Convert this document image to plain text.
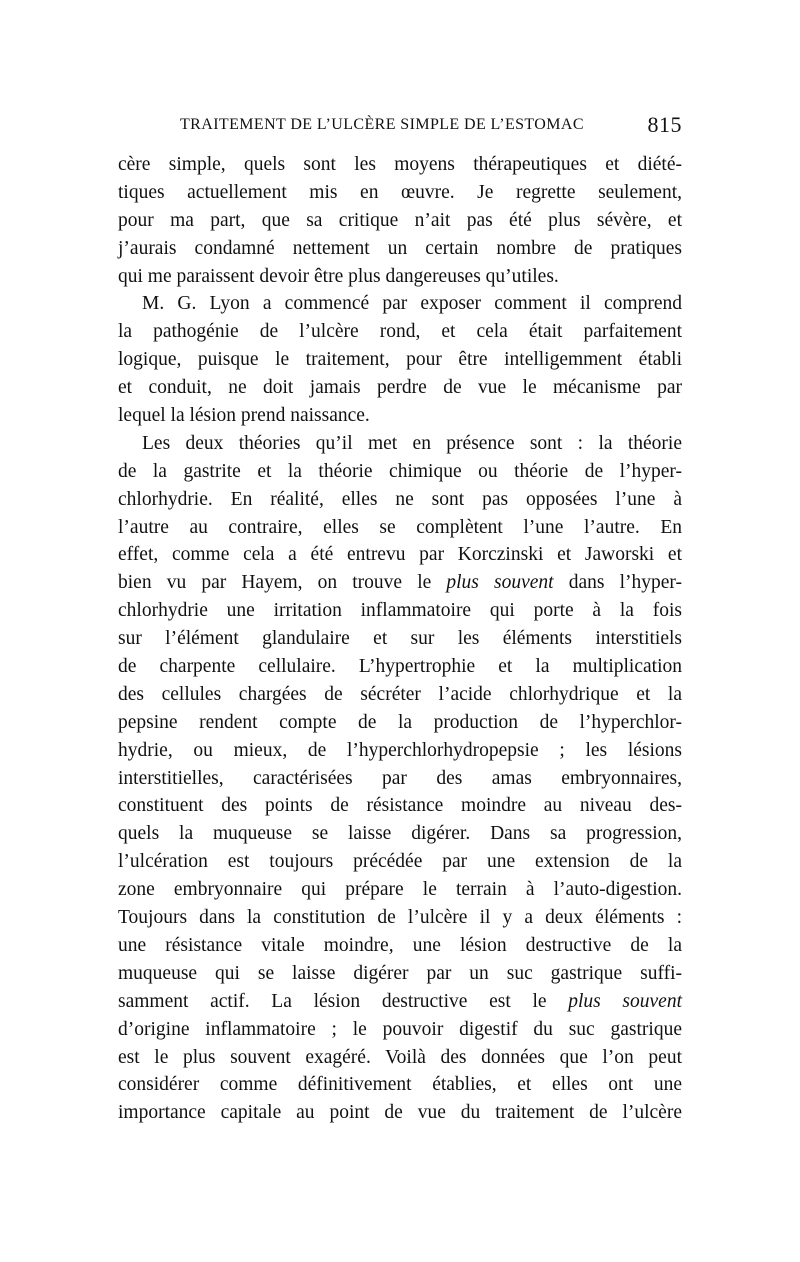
TRAITEMENT DE L’ULCÈRE SIMPLE DE L’ESTOMAC	815
cère simple, quels sont les moyens thérapeutiques et diété-
tiques actuellement mis en œuvre. Je regrette seulement,
pour ma part, que sa critique n’ait pas été plus sévère, et
j’aurais condamné nettement un certain nombre de pratiques
qui me paraissent devoir être plus dangereuses qu’utiles.
M. G. Lyon a commencé par exposer comment il comprend
la pathogénie de l’ulcère rond, et cela était parfaitement
logique, puisque le traitement, pour être intelligemment établi
et conduit, ne doit jamais perdre de vue le mécanisme par
lequel la lésion prend naissance.
Les deux théories qu’il met en présence sont : la théorie
de la gastrite et la théorie chimique ou théorie de l’hyper-
chlorhydrie. En réalité, elles ne sont pas opposées l’une à
l’autre au contraire, elles se complètent l’une l’autre. En
effet, comme cela a été entrevu par Korczinski et Jaworski et
bien vu par Hayem, on trouve le plus souvent dans l’hyper-
chlorhydrie une irritation inflammatoire qui porte à la fois
sur l’élément glandulaire et sur les éléments interstitiels
de charpente cellulaire. L’hypertrophie et la multiplication
des cellules chargées de sécréter l’acide chlorhydrique et la
pepsine rendent compte de la production de l’hyperchlor-
hydrie, ou mieux, de l’hyperchlorhydropepsie ; les lésions
interstitielles, caractérisées par des amas embryonnaires,
constituent des points de résistance moindre au niveau des-
quels la muqueuse se laisse digérer. Dans sa progression,
l’ulcération est toujours précédée par une extension de la
zone embryonnaire qui prépare le terrain à l’auto-digestion.
Toujours dans la constitution de l’ulcère il y a deux éléments :
une résistance vitale moindre, une lésion destructive de la
muqueuse qui se laisse digérer par un suc gastrique suffi-
samment actif. La lésion destructive est le plus souvent
d’origine inflammatoire ; le pouvoir digestif du suc gastrique
est le plus souvent exagéré. Voilà des données que l’on peut
considérer comme définitivement établies, et elles ont une
importance capitale au point de vue du traitement de l’ulcère
